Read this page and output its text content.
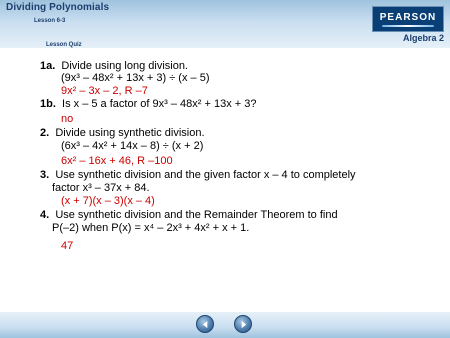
Dividing Polynomials
Lesson 6-3
Lesson Quiz
PEARSON
Algebra 2
1a. Divide using long division.
(9x³ – 48x² + 13x + 3) ÷ (x – 5)
9x² – 3x – 2, R –7
1b. Is x – 5 a factor of 9x³ – 48x² + 13x + 3?
no
2. Divide using synthetic division.
(6x³ – 4x² + 14x – 8) ÷ (x + 2)
6x² – 16x + 46, R –100
3. Use synthetic division and the given factor x – 4 to completely
factor x³ – 37x + 84.
(x + 7)(x – 3)(x – 4)
4. Use synthetic division and the Remainder Theorem to find
P(–2) when P(x) = x⁴ – 2x³ + 4x² + x + 1.
47
